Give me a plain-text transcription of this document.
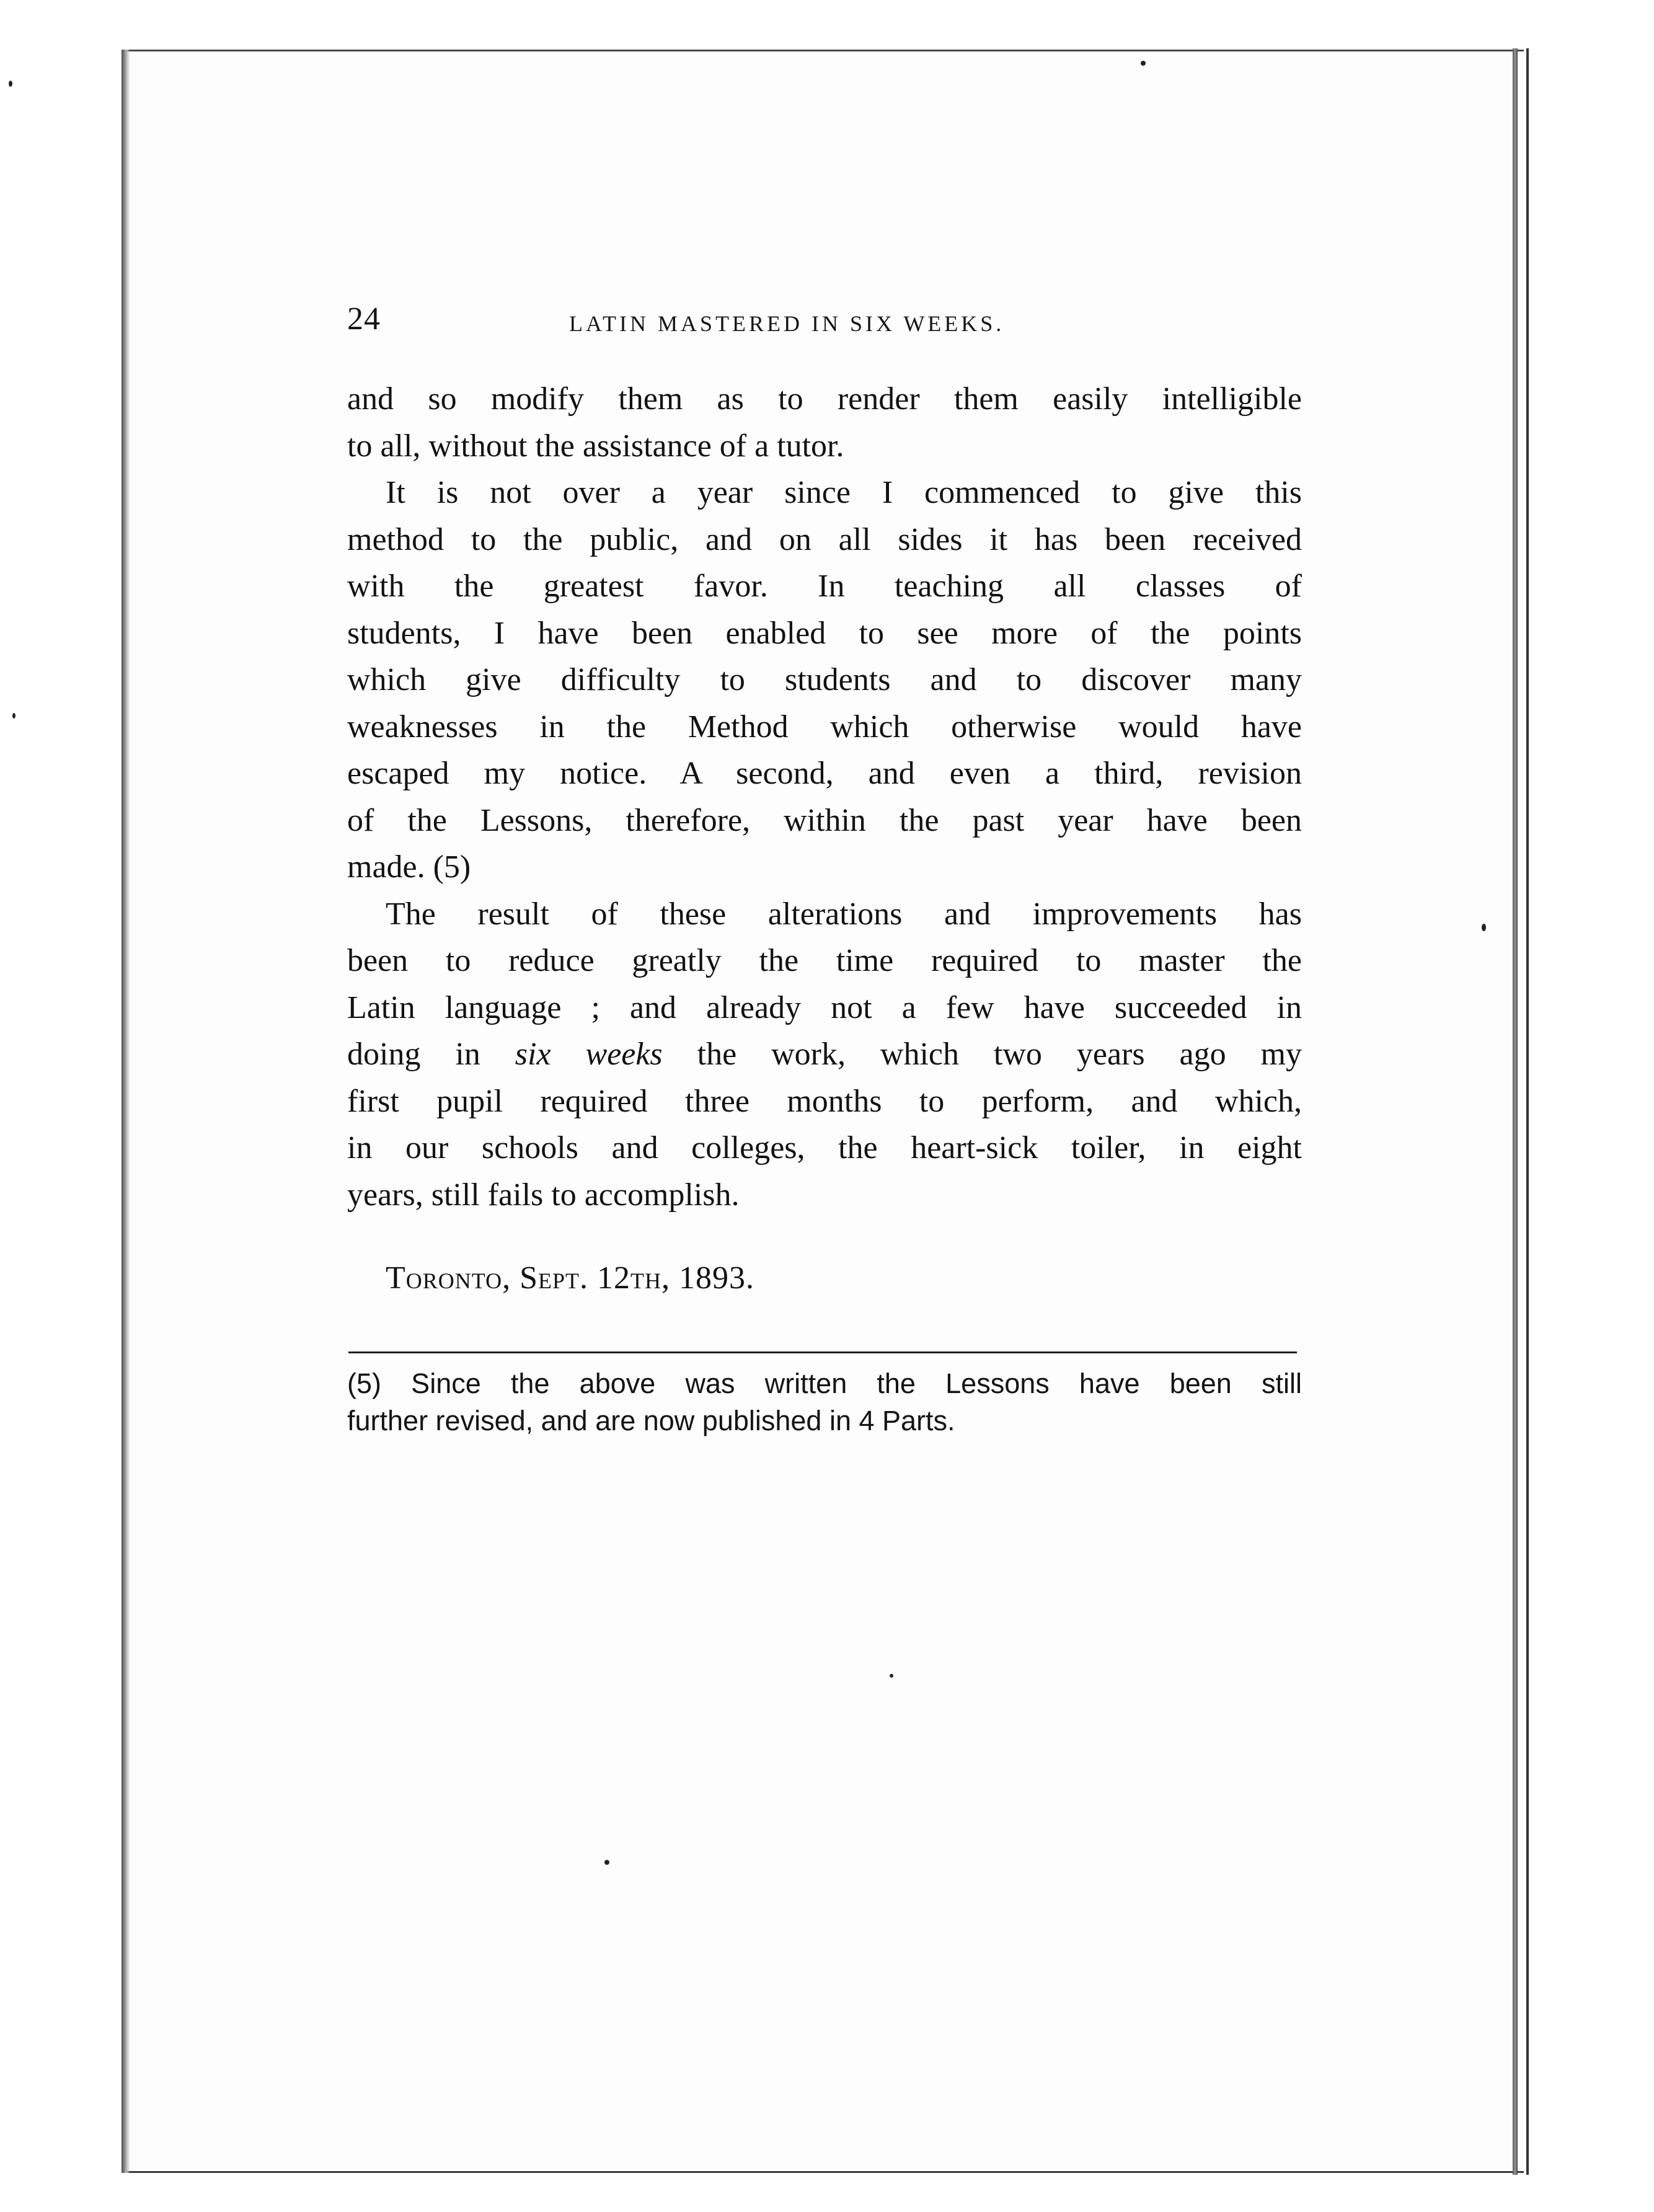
24	LATIN MASTERED IN SIX WEEKS.
and so modify them as to render them easily intelligible
to all, without the assistance of a tutor.
It is not over a year since I commenced to give this
method to the public, and on all sides it has been received
with the greatest favor. In teaching all classes of
students, I have been enabled to see more of the points
which give difficulty to students and to discover many
weaknesses in the Method which otherwise would have
escaped my notice. A second, and even a third, revision
of the Lessons, therefore, within the past year have been
made. (5)
The result of these alterations and improvements has
been to reduce greatly the time required to master the
Latin language ; and already not a few have succeeded in
doing in six weeks the work, which two years ago my
first pupil required three months to perform, and which,
in our schools and colleges, the heart-sick toiler, in eight
years, still fails to accomplish.
Toronto, Sept. 12th, 1893.
(5) Since the above was written the Lessons have been still
further revised, and are now published in 4 Parts.
